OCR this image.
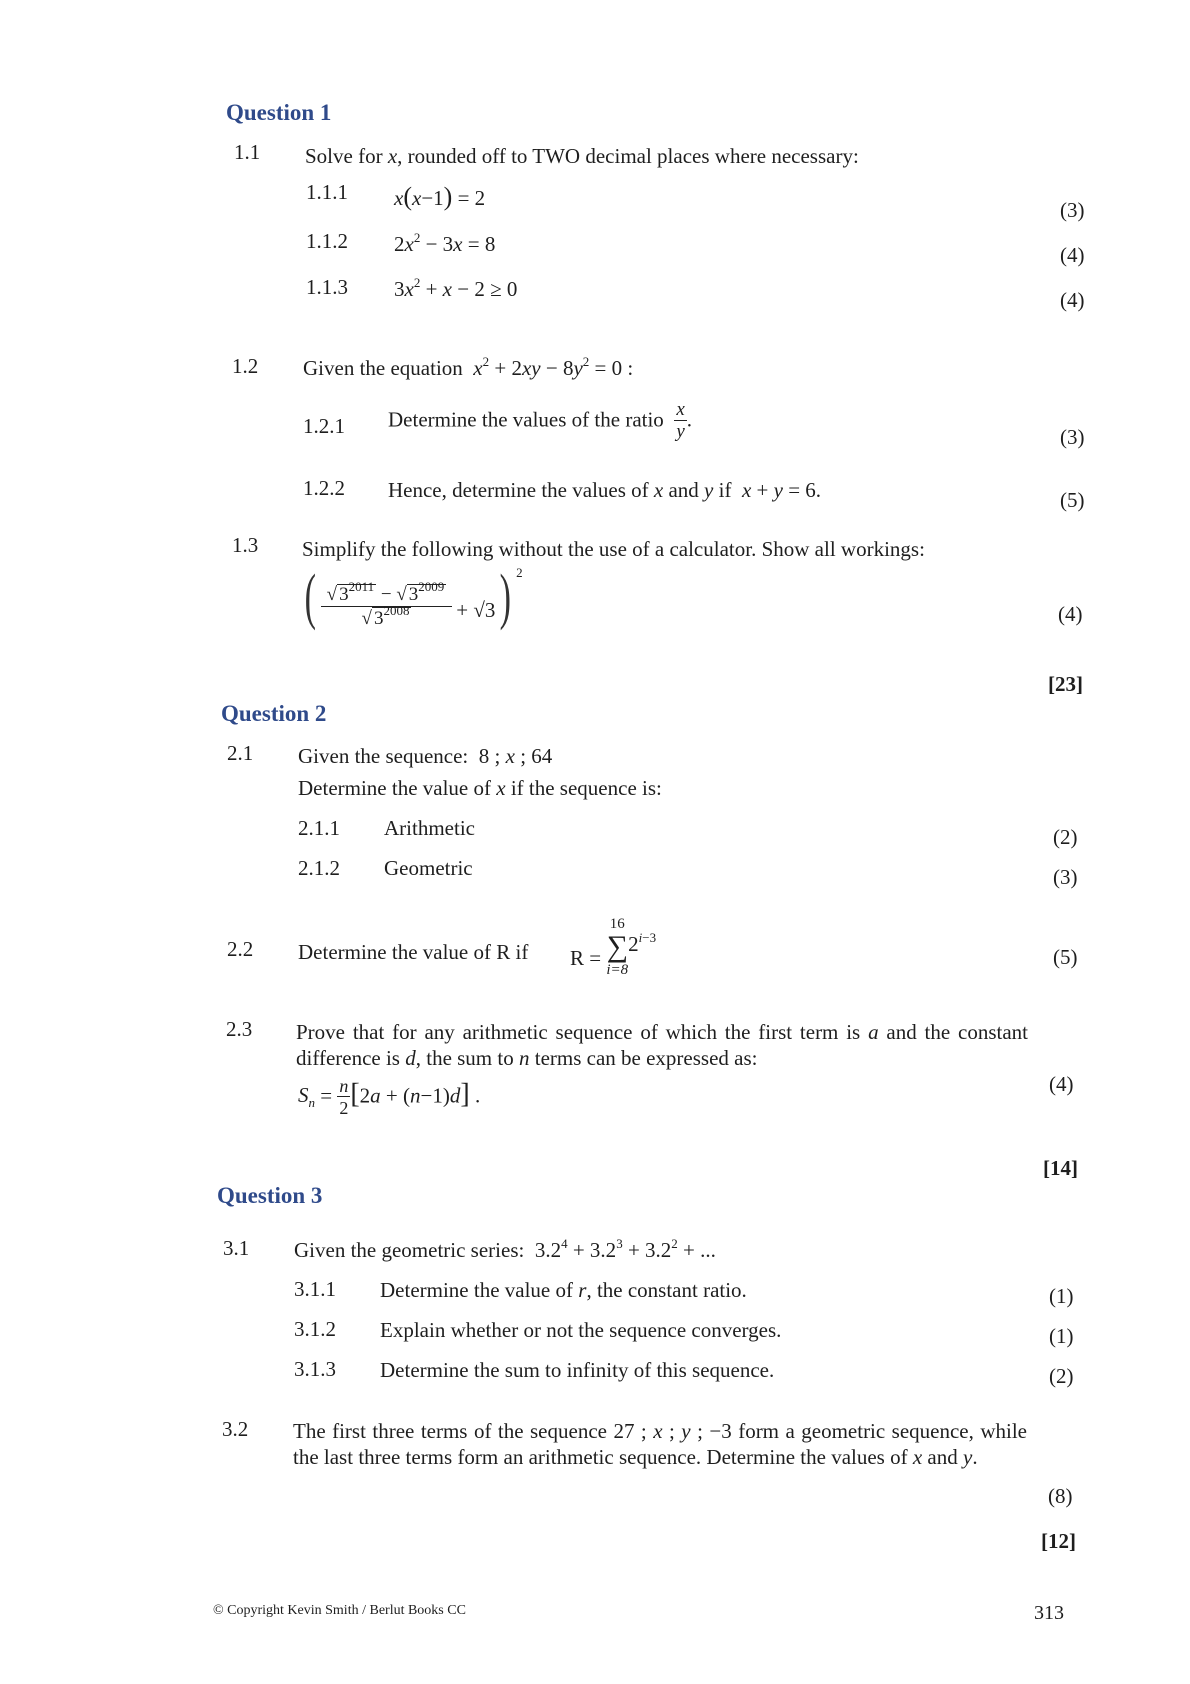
Question 1
1.1 Solve for x, rounded off to TWO decimal places where necessary:
1.1.1 x(x−1) = 2	(3)
1.1.2 $2x^2 - 3x = 8$	(4)
1.1.3 $3x^2 + x - 2 \ge 0$	(4)
1.2 Given the equation $x^2 + 2xy - 8y^2 = 0$ :
1.2.1 Determine the values of the ratio $\frac{x}{y}$ .
(3)
1.2.2 Hence, determine the values of x and y if  x + y = 6.	(5)
1.3 Simplify the following without the use of a calculator. Show all workings:
( $\frac{√ 3^{2011} - √ 3^{2009}}{√ 3^{2008}} + √3$) $^2$
(4)
[23]
Question 2
2.1 Given the sequence: 8 ; x ; 64
Determine the value of x if the sequence is:
2.1.1 Arithmetic	(2)
2.1.2 Geometric	(3)
2.2 Determine the value of R if R =
16
∑
i=8
$2^{i-3}$
(5)
2.3 Prove that for any arithmetic sequence of which the first term is a and the constant difference is d, the sum to n terms can be expressed as:
$S_n = \frac{n}{2} [2a + (n-1)d]$ .	(4)
[14]
Question 3
3.1 Given the geometric series: $3.2^4 + 3.2^3 + 3.2^2$ + ...
3.1.1 Determine the value of r, the constant ratio.	(1)
3.1.2 Explain whether or not the sequence converges.	(1)
3.1.3 Determine the sum to infinity of this sequence.	(2)
3.2 The first three terms of the sequence 27 ; x ; y ; −3 form a geometric sequence, while the last three terms form an arithmetic sequence. Determine the values of x and y.
(8)
[12]
© Copyright Kevin Smith / Berlut Books CC	313
